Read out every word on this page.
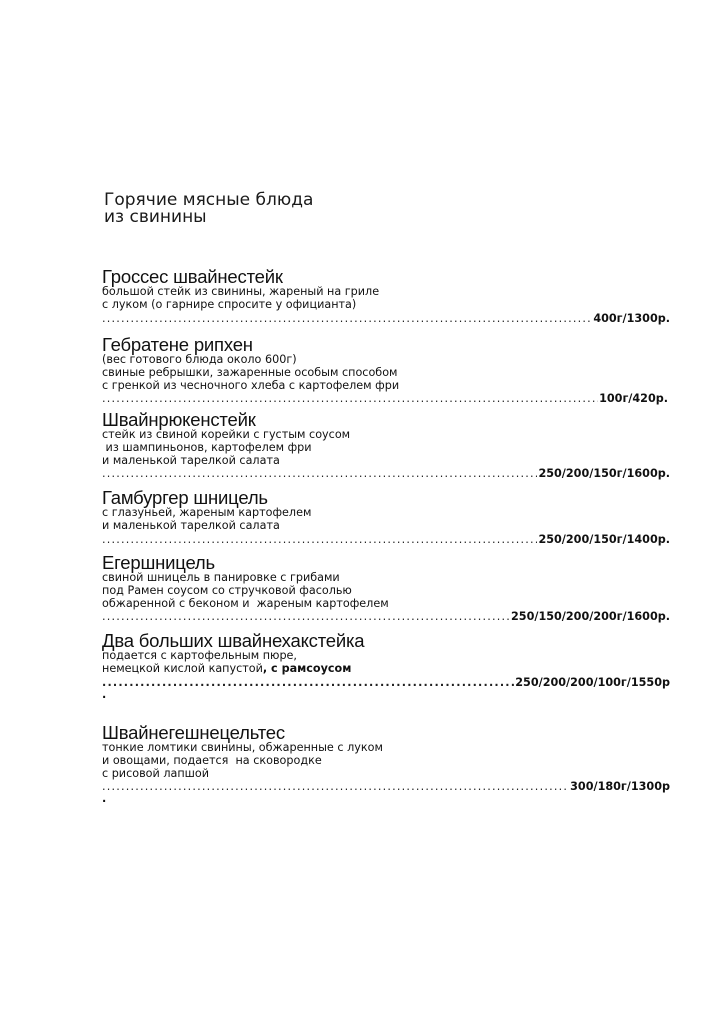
Горячие мясные блюда
из свинины
Гроссес швайнестейк
большой стейк из свинины, жареный на гриле
с луком (о гарнире спросите у официанта)
.....
400г/1300р.
Гебратене рипхен
(вес готового блюда около 600г)
свиные ребрышки, зажаренные особым способом
с гренкой из чесночного хлеба с картофелем фри
.....
100г/420р.
Швайнрюкенстейк
стейк из свиной корейки с густым соусом
из шампиньонов, картофелем фри
и маленькой тарелкой салата
.....
250/200/150г/1600р.
Гамбургер шницель
с глазуньей, жареным картофелем
и маленькой тарелкой салата
.....
250/200/150г/1400р.
Егершницель
свиной шницель в панировке с грибами
под Рамен соусом со стручковой фасолью
обжаренной с беконом и  жареным картофелем
.....
250/150/200/200г/1600р.
Два больших швайнехакстейка
подается с картофельным пюре,
немецкой кислой капустой, с рамсоусом
.....
250/200/200/100г/1550р
.
Швайнегешнецельтес
тонкие ломтики свинины, обжаренные с луком
и овощами, подается  на сковородке
с рисовой лапшой
.....
300/180г/1300р
.
